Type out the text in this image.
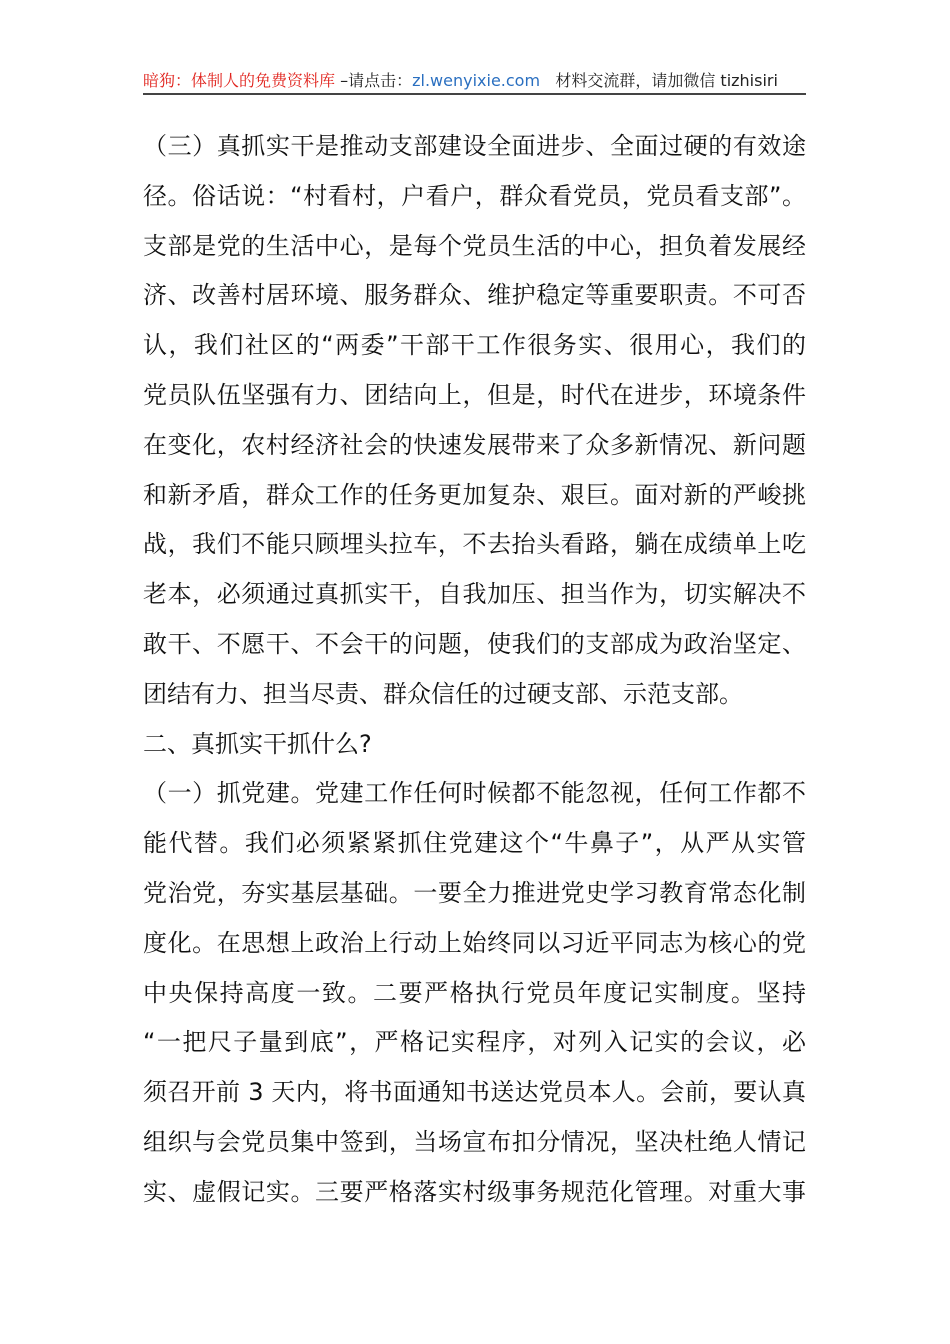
暗狗：体制人的免费资料库 –请点击：zl.wenyixie.com 材料交流群，请加微信 tizhisiri
（三）真抓实干是推动支部建设全面进步、全面过硬的有效途
径。俗话说：“村看村，户看户，群众看党员，党员看支部”。
支部是党的生活中心，是每个党员生活的中心，担负着发展经
济、改善村居环境、服务群众、维护稳定等重要职责。不可否
认，我们社区的“两委”干部干工作很务实、很用心，我们的
党员队伍坚强有力、团结向上，但是，时代在进步，环境条件
在变化，农村经济社会的快速发展带来了众多新情况、新问题
和新矛盾，群众工作的任务更加复杂、艰巨。面对新的严峻挑
战，我们不能只顾埋头拉车，不去抬头看路，躺在成绩单上吃
老本，必须通过真抓实干，自我加压、担当作为，切实解决不
敢干、不愿干、不会干的问题，使我们的支部成为政治坚定、
团结有力、担当尽责、群众信任的过硬支部、示范支部。
二、真抓实干抓什么?
（一）抓党建。党建工作任何时候都不能忽视，任何工作都不
能代替。我们必须紧紧抓住党建这个“牛鼻子”，从严从实管
党治党，夯实基层基础。一要全力推进党史学习教育常态化制
度化。在思想上政治上行动上始终同以习近平同志为核心的党
中央保持高度一致。二要严格执行党员年度记实制度。坚持
“一把尺子量到底”，严格记实程序，对列入记实的会议，必
须召开前 3 天内，将书面通知书送达党员本人。会前，要认真
组织与会党员集中签到，当场宣布扣分情况，坚决杜绝人情记
实、虚假记实。三要严格落实村级事务规范化管理。对重大事
